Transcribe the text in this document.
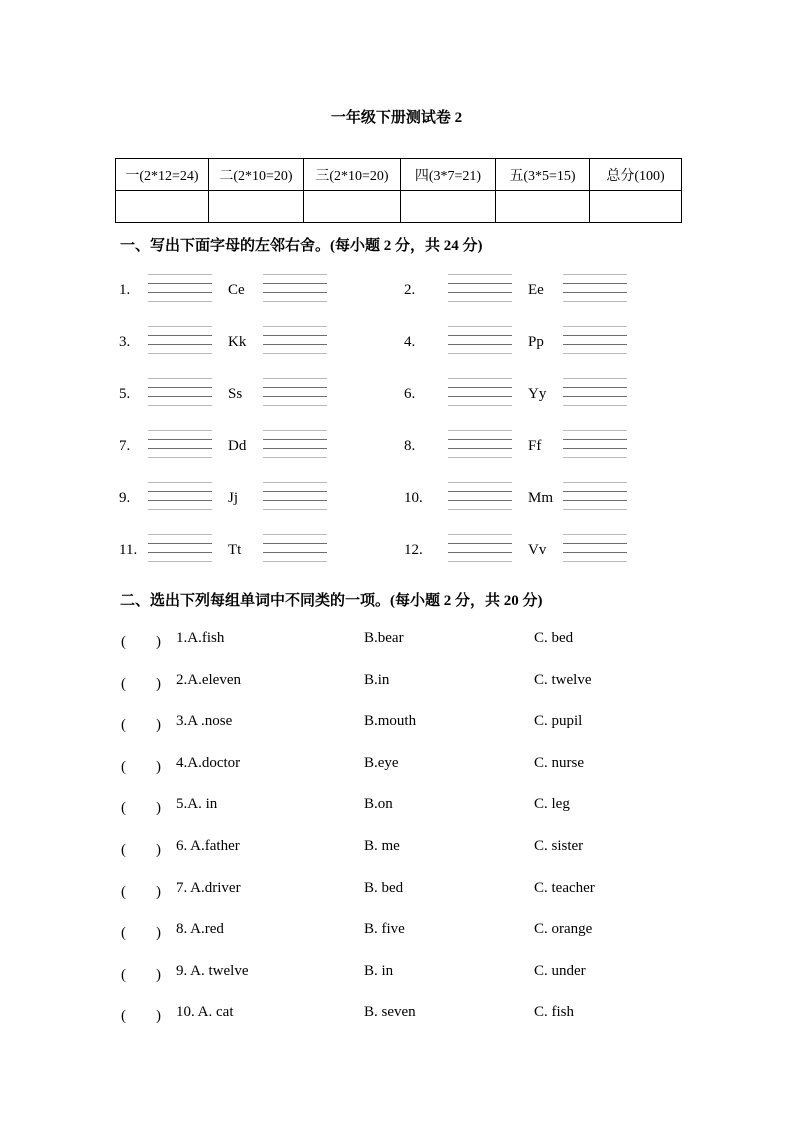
一年级下册测试卷 2
一(2*12=24)	二(2*10=20)	三(2*10=20)	四(3*7=21)	五(3*5=15)	总分(100)

一、写出下面字母的左邻右舍。(每小题 2 分，共 24 分)
1.	Ce	2.	Ee
3.	Kk	4.	Pp
5.	Ss	6.	Yy
7.	Dd	8.	Ff
9.	Jj	10.	Mm
11.	Tt	12.	Vv
二、选出下列每组单词中不同类的一项。(每小题 2 分，共 20 分)
(　　) 1.A.fish	B.bear	C. bed
(　　) 2.A.eleven	B.in	C. twelve
(　　) 3.A .nose	B.mouth	C. pupil
(　　) 4.A.doctor	B.eye	C. nurse
(　　) 5.A. in	B.on	C. leg
(　　) 6. A.father	B. me	C. sister
(　　) 7. A.driver	B. bed	C. teacher
(　　) 8. A.red	B. five	C. orange
(　　) 9. A. twelve	B. in	C. under
(　　) 10. A. cat	B. seven	C. fish
